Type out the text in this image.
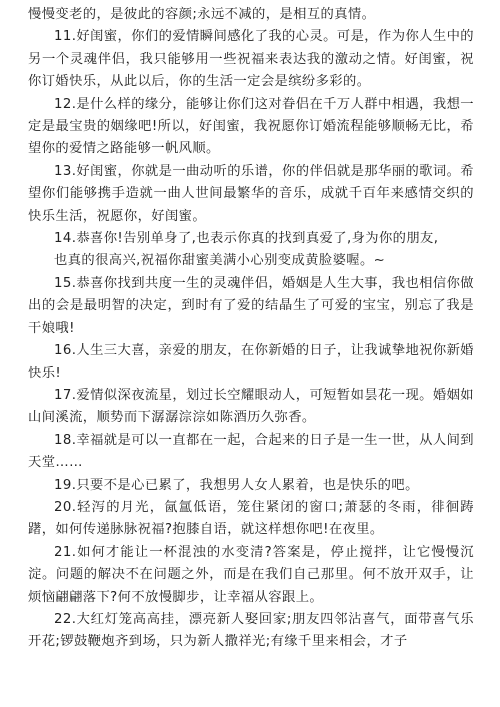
慢慢变老的，是彼此的容颜;永远不减的，是相互的真情。

11.好闺蜜，你们的爱情瞬间感化了我的心灵。可是，作为你人生中的另一个灵魂伴侣，我只能够用一些祝福来表达我的激动之情。好闺蜜，祝你订婚快乐，从此以后，你的生活一定会是缤纷多彩的。

12.是什么样的缘分，能够让你们这对眷侣在千万人群中相遇，我想一定是最宝贵的姻缘吧!所以，好闺蜜，我祝愿你订婚流程能够顺畅无比，希望你的爱情之路能够一帆风顺。

13.好闺蜜，你就是一曲动听的乐谱，你的伴侣就是那华丽的歌词。希望你们能够携手造就一曲人世间最繁华的音乐，成就千百年来感情交织的快乐生活，祝愿你，好闺蜜。

14.恭喜你!告别单身了,也表示你真的找到真爱了,身为你的朋友,

也真的很高兴,祝福你甜蜜美满小心别变成黄脸婆喔。~

15.恭喜你找到共度一生的灵魂伴侣，婚姻是人生大事，我也相信你做出的会是最明智的决定，到时有了爱的结晶生了可爱的宝宝，别忘了我是干娘哦!

16.人生三大喜，亲爱的朋友，在你新婚的日子，让我诚挚地祝你新婚快乐!

17.爱情似深夜流星，划过长空耀眼动人，可短暂如昙花一现。婚姻如山间溪流，顺势而下潺潺淙淙如陈酒历久弥香。

18.幸福就是可以一直都在一起，合起来的日子是一生一世，从人间到天堂……

19.只要不是心已累了，我想男人女人累着，也是快乐的吧。

20.轻泻的月光，氤氲低语，笼住紧闭的窗口;萧瑟的冬雨，徘徊踌躇，如何传递脉脉祝福?抱膝自语，就这样想你吧!在夜里。

21.如何才能让一杯混浊的水变清?答案是，停止搅拌，让它慢慢沉淀。问题的解决不在问题之外，而是在我们自己那里。何不放开双手，让烦恼翩翩落下?何不放慢脚步，让幸福从容跟上。

22.大红灯笼高高挂，漂亮新人娶回家;朋友四邻沾喜气，面带喜气乐开花;锣鼓鞭炮齐到场，只为新人撒祥光;有缘千里来相会，才子
